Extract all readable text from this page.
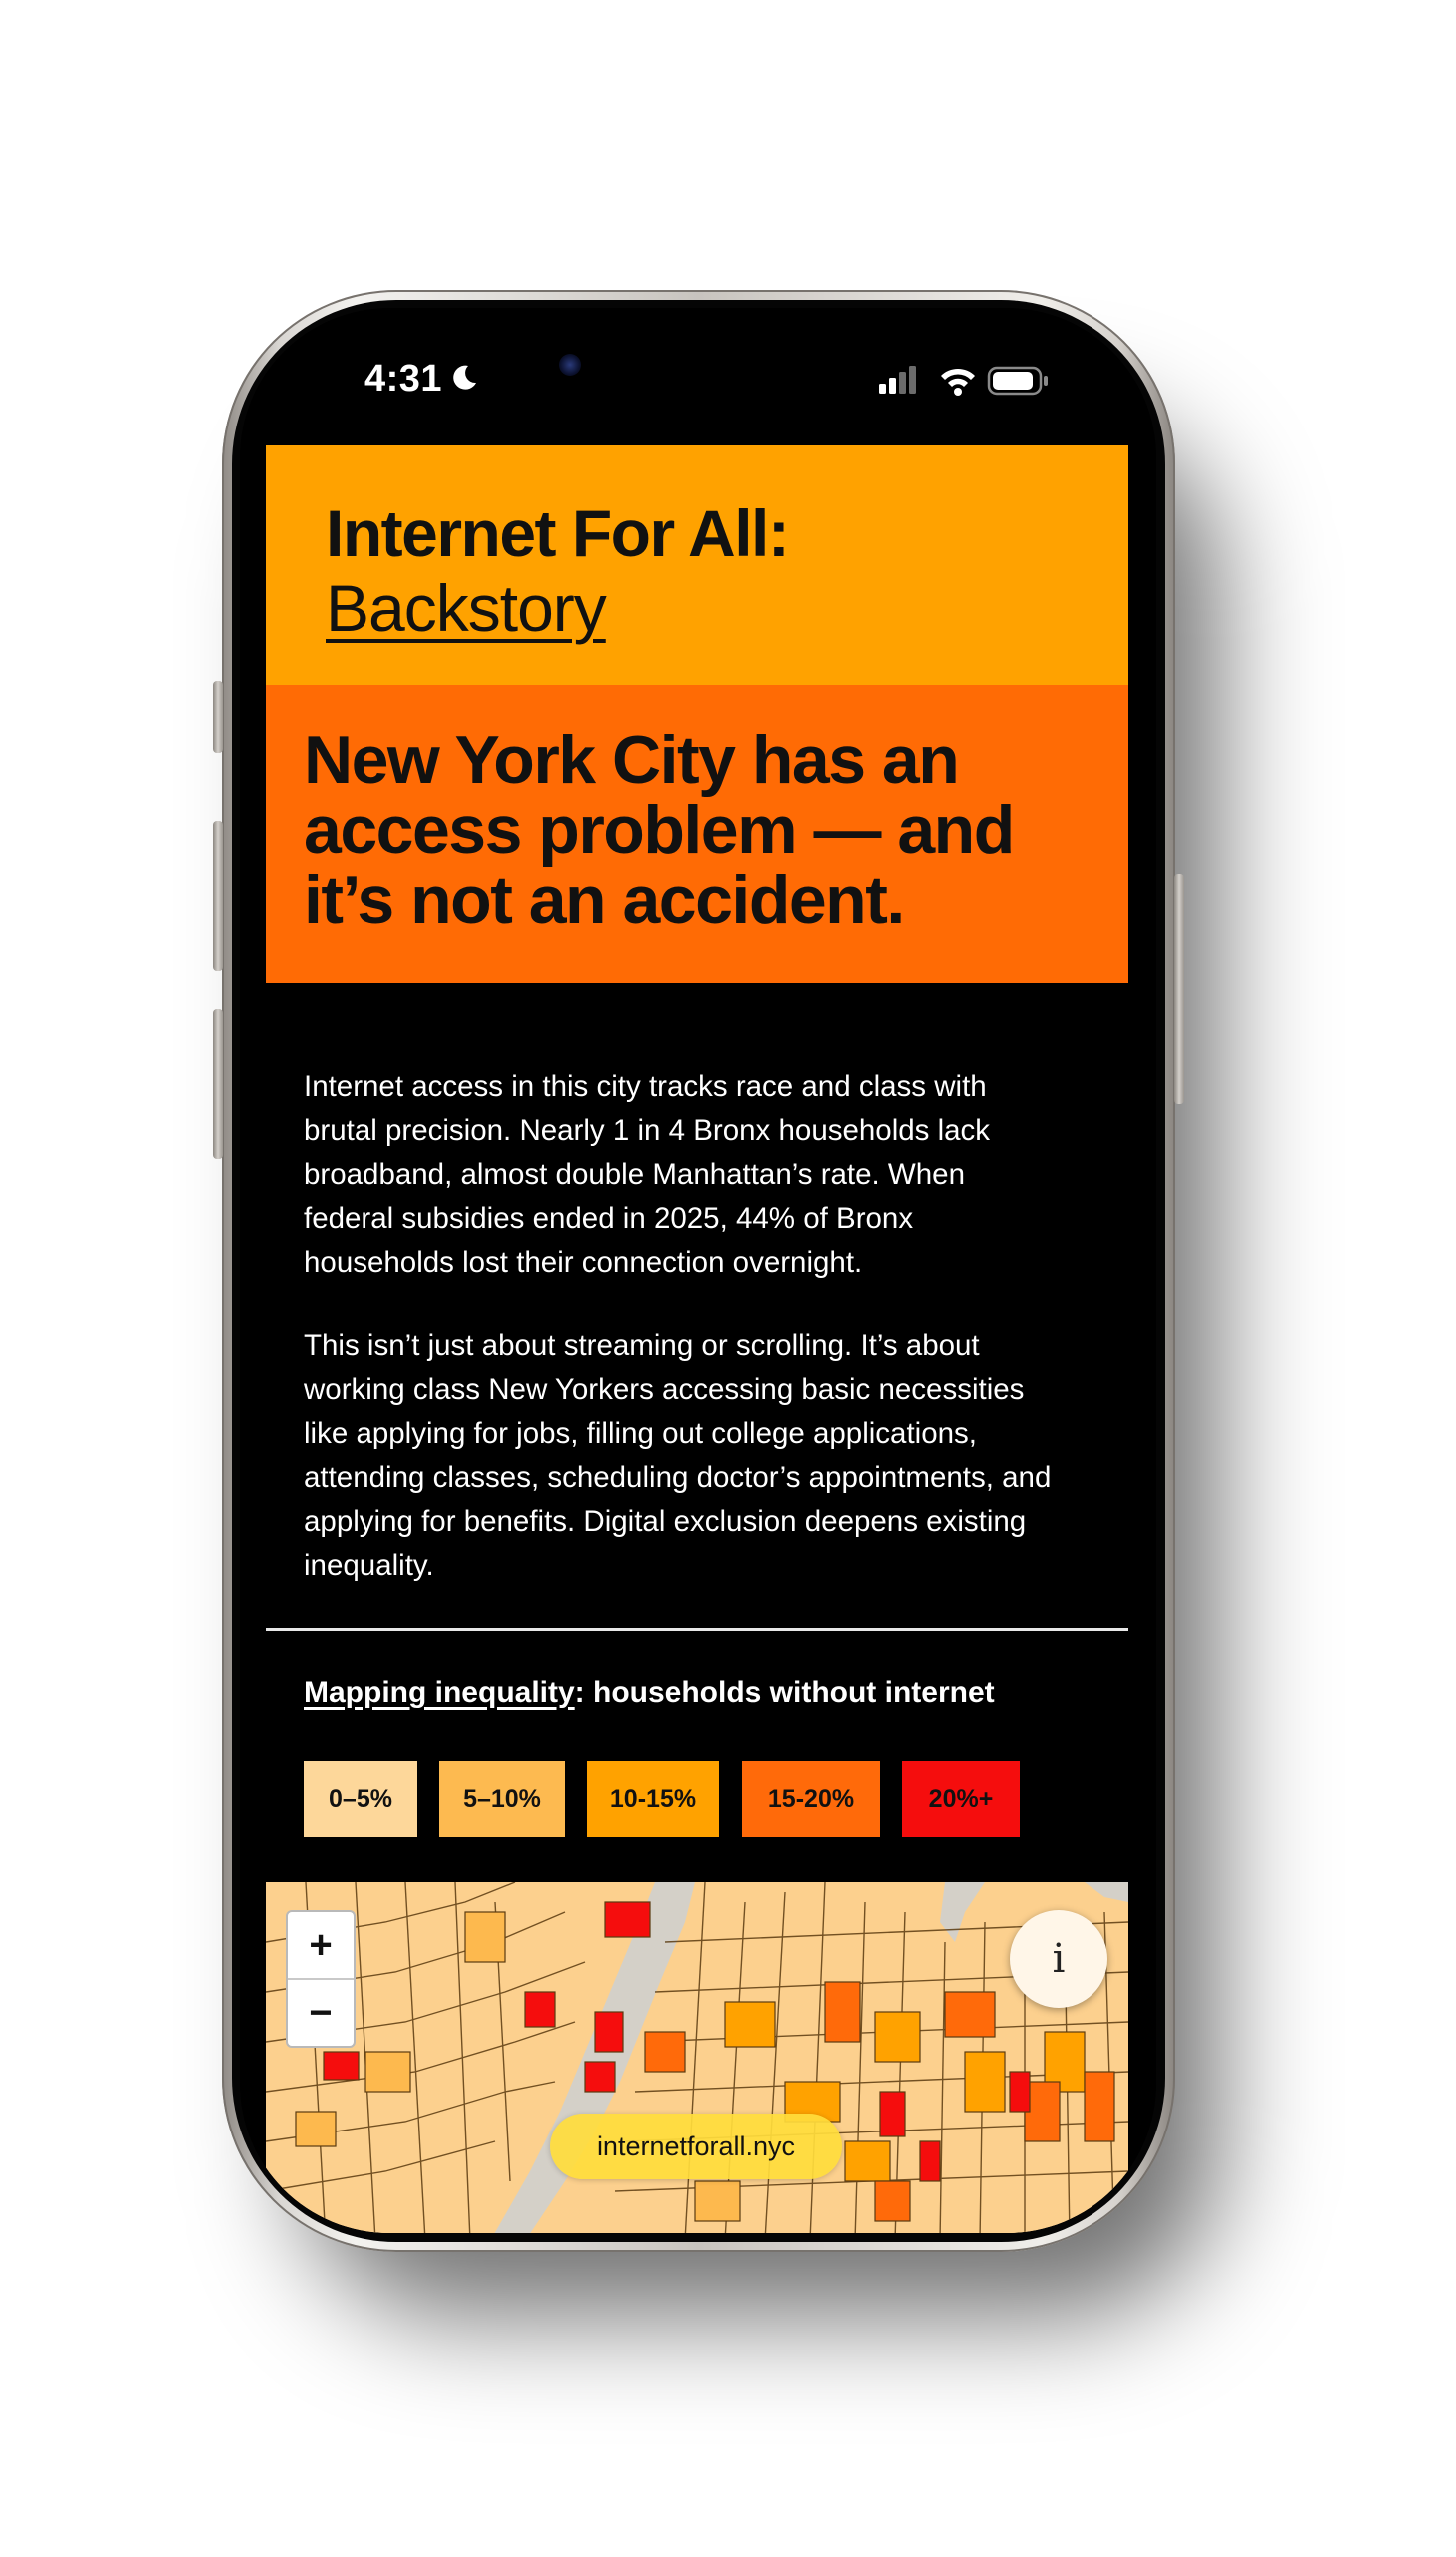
4:31
Internet For All:
Backstory
New York City has an access problem — and it’s not an accident.

Internet access in this city tracks race and class with brutal precision. Nearly 1 in 4 Bronx households lack broadband, almost double Manhattan’s rate. When federal subsidies ended in 2025, 44% of Bronx households lost their connection overnight.

This isn’t just about streaming or scrolling. It’s about working class New Yorkers accessing basic necessities like applying for jobs, filling out college applications, attending classes, scheduling doctor’s appointments, and applying for benefits. Digital exclusion deepens existing inequality.

Mapping inequality: households without internet
0–5%	5–10%	10-15%	15-20%	20%+
+
−
i
internetforall.nyc
